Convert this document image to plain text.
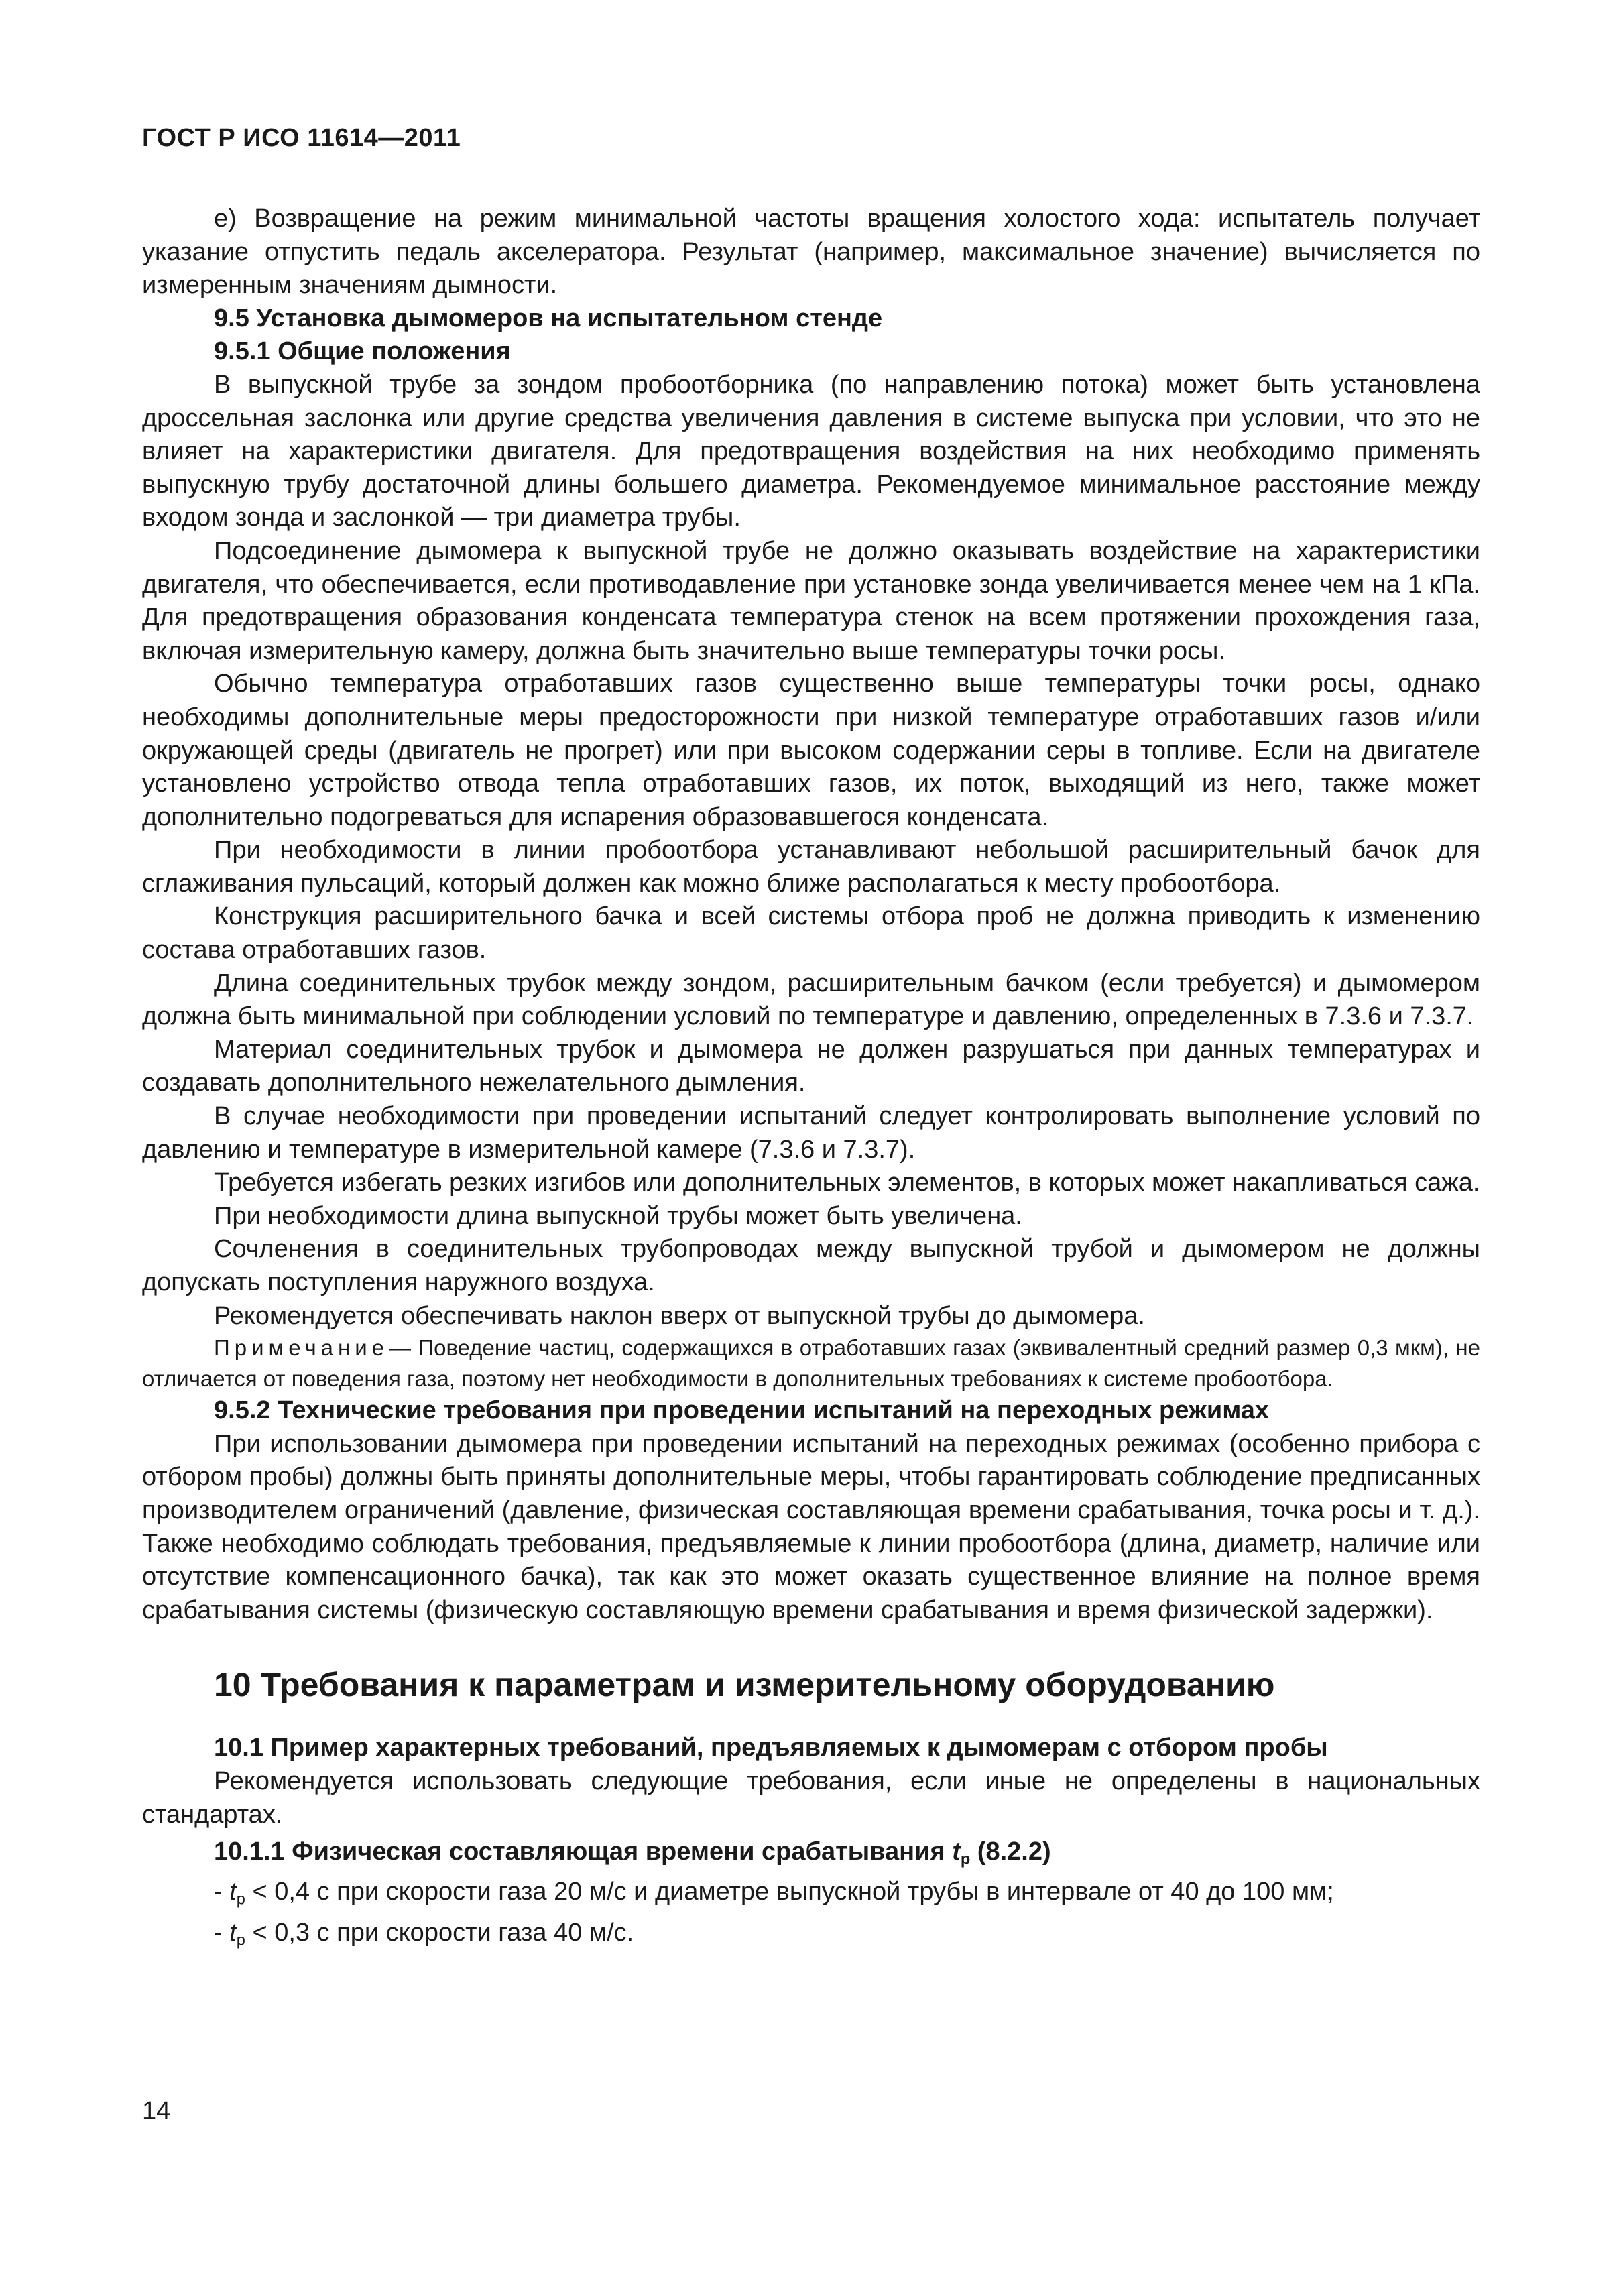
ГОСТ Р ИСО 11614—2011

е) Возвращение на режим минимальной частоты вращения холостого хода: испытатель получает указание отпустить педаль акселератора. Результат (например, максимальное значение) вычисляется по измеренным значениям дымности.

9.5 Установка дымомеров на испытательном стенде

9.5.1 Общие положения

В выпускной трубе за зондом пробоотборника (по направлению потока) может быть установлена дроссельная заслонка или другие средства увеличения давления в системе выпуска при условии, что это не влияет на характеристики двигателя. Для предотвращения воздействия на них необходимо применять выпускную трубу достаточной длины большего диаметра. Рекомендуемое минимальное расстояние между входом зонда и заслонкой — три диаметра трубы.

Подсоединение дымомера к выпускной трубе не должно оказывать воздействие на характеристики двигателя, что обеспечивается, если противодавление при установке зонда увеличивается менее чем на 1 кПа. Для предотвращения образования конденсата температура стенок на всем протяжении прохождения газа, включая измерительную камеру, должна быть значительно выше температуры точки росы.

Обычно температура отработавших газов существенно выше температуры точки росы, однако необходимы дополнительные меры предосторожности при низкой температуре отработавших газов и/или окружающей среды (двигатель не прогрет) или при высоком содержании серы в топливе. Если на двигателе установлено устройство отвода тепла отработавших газов, их поток, выходящий из него, также может дополнительно подогреваться для испарения образовавшегося конденсата.

При необходимости в линии пробоотбора устанавливают небольшой расширительный бачок для сглаживания пульсаций, который должен как можно ближе располагаться к месту пробоотбора.

Конструкция расширительного бачка и всей системы отбора проб не должна приводить к изменению состава отработавших газов.

Длина соединительных трубок между зондом, расширительным бачком (если требуется) и дымомером должна быть минимальной при соблюдении условий по температуре и давлению, определенных в 7.3.6 и 7.3.7.

Материал соединительных трубок и дымомера не должен разрушаться при данных температурах и создавать дополнительного нежелательного дымления.

В случае необходимости при проведении испытаний следует контролировать выполнение условий по давлению и температуре в измерительной камере (7.3.6 и 7.3.7).

Требуется избегать резких изгибов или дополнительных элементов, в которых может накапливаться сажа.

При необходимости длина выпускной трубы может быть увеличена.

Сочленения в соединительных трубопроводах между выпускной трубой и дымомером не должны допускать поступления наружного воздуха.

Рекомендуется обеспечивать наклон вверх от выпускной трубы до дымомера.

Примечание— Поведение частиц, содержащихся в отработавших газах (эквивалентный средний размер 0,3 мкм), не отличается от поведения газа, поэтому нет необходимости в дополнительных требованиях к системе пробоотбора.

9.5.2 Технические требования при проведении испытаний на переходных режимах

При использовании дымомера при проведении испытаний на переходных режимах (особенно прибора с отбором пробы) должны быть приняты дополнительные меры, чтобы гарантировать соблюдение предписанных производителем ограничений (давление, физическая составляющая времени срабатывания, точка росы и т. д.). Также необходимо соблюдать требования, предъявляемые к линии пробоотбора (длина, диаметр, наличие или отсутствие компенсационного бачка), так как это может оказать существенное влияние на полное время срабатывания системы (физическую составляющую времени срабатывания и время физической задержки).

10 Требования к параметрам и измерительному оборудованию

10.1 Пример характерных требований, предъявляемых к дымомерам с отбором пробы

Рекомендуется использовать следующие требования, если иные не определены в национальных стандартах.

10.1.1 Физическая составляющая времени срабатывания $t_p$ (8.2.2)

- $t_p < 0,4$ с при скорости газа 20 м/с и диаметре выпускной трубы в интервале от 40 до 100 мм;

- $t_p < 0,3$ с при скорости газа 40 м/с.

14
